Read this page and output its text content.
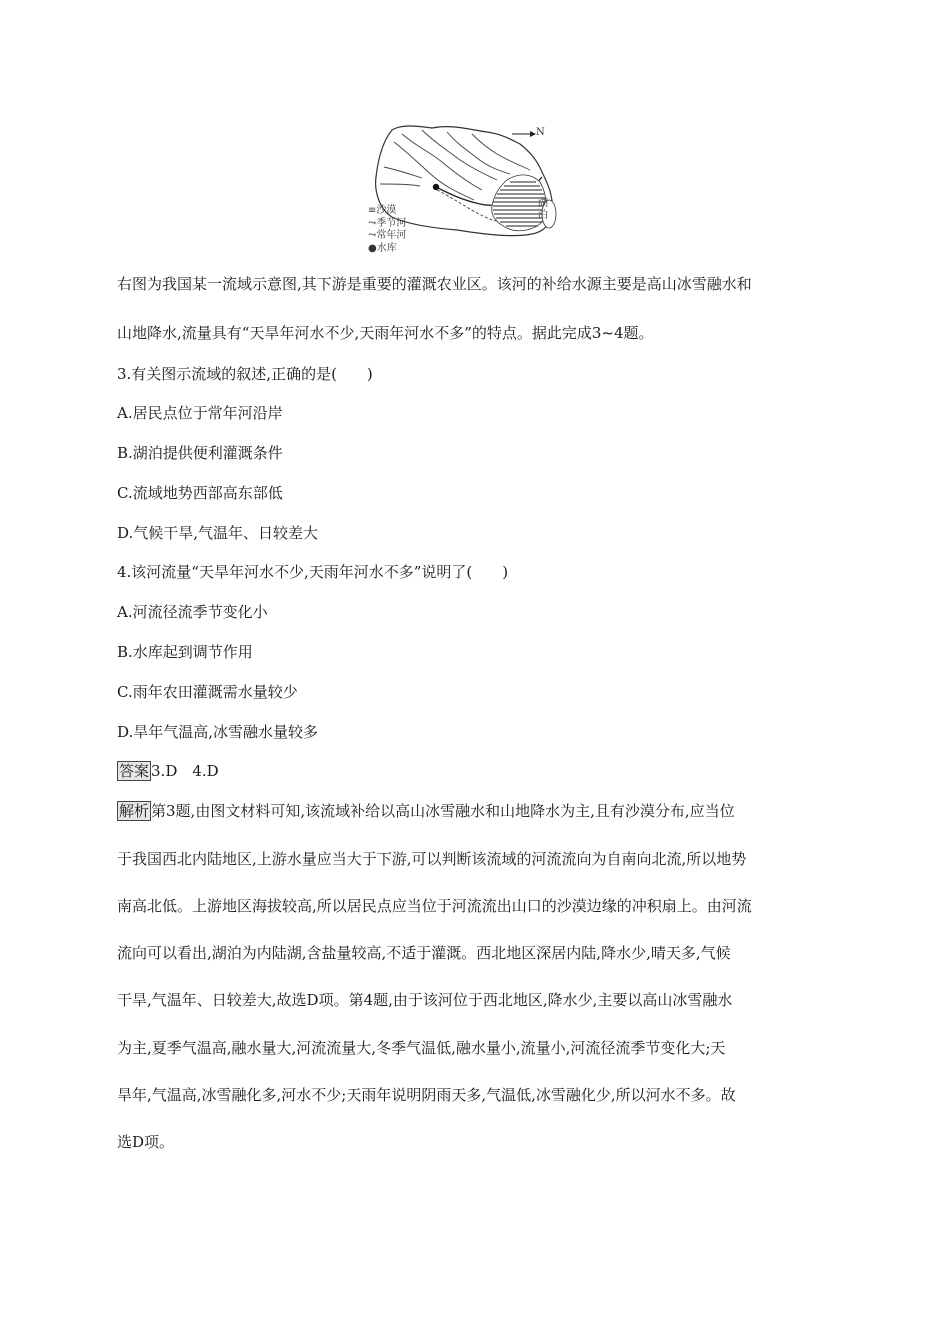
N
湖泊
≡沙漠
⤳季节河
⤳常年河
●水库
右图为我国某一流域示意图,其下游是重要的灌溉农业区。该河的补给水源主要是高山冰雪融水和
山地降水,流量具有“天旱年河水不少,天雨年河水不多”的特点。据此完成3~4题。
3.有关图示流域的叙述,正确的是(　　)
A.居民点位于常年河沿岸
B.湖泊提供便利灌溉条件
C.流域地势西部高东部低
D.气候干旱,气温年、日较差大
4.该河流量“天旱年河水不少,天雨年河水不多”说明了(　　)
A.河流径流季节变化小
B.水库起到调节作用
C.雨年农田灌溉需水量较少
D.旱年气温高,冰雪融水量较多
答案 3.D　4.D
解析 第3题,由图文材料可知,该流域补给以高山冰雪融水和山地降水为主,且有沙漠分布,应当位
于我国西北内陆地区,上游水量应当大于下游,可以判断该流域的河流流向为自南向北流,所以地势
南高北低。上游地区海拔较高,所以居民点应当位于河流流出山口的沙漠边缘的冲积扇上。由河流
流向可以看出,湖泊为内陆湖,含盐量较高,不适于灌溉。西北地区深居内陆,降水少,晴天多,气候
干旱,气温年、日较差大,故选D项。第4题,由于该河位于西北地区,降水少,主要以高山冰雪融水
为主,夏季气温高,融水量大,河流流量大,冬季气温低,融水量小,流量小,河流径流季节变化大;天
旱年,气温高,冰雪融化多,河水不少;天雨年说明阴雨天多,气温低,冰雪融化少,所以河水不多。故
选D项。
